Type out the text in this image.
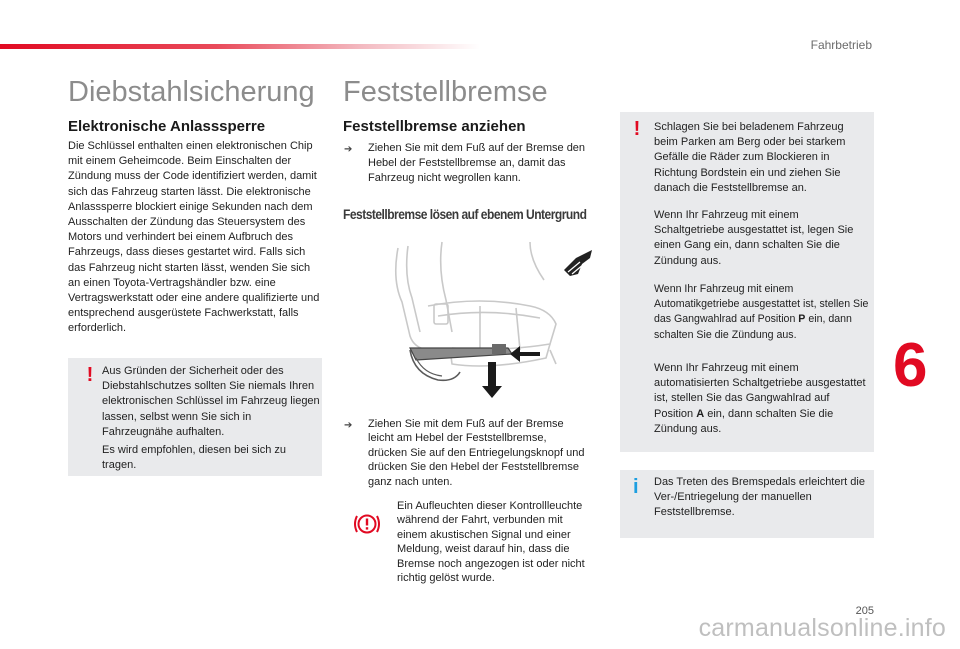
Fahrbetrieb
6
205
carmanualsonline.info
Diebstahlsicherung
Elektronische Anlasssperre
Die Schlüssel enthalten einen elektronischen Chip mit einem Geheimcode. Beim Einschalten der Zündung muss der Code identifiziert werden, damit sich das Fahrzeug starten lässt. Die elektronische Anlasssperre blockiert einige Sekunden nach dem Ausschalten der Zündung das Steuersystem des Motors und verhindert bei einem Aufbruch des Fahrzeugs, dass dieses gestartet wird. Falls sich das Fahrzeug nicht starten lässt, wenden Sie sich an einen Toyota-Vertragshändler bzw. eine Vertragswerkstatt oder eine andere qualifizierte und entsprechend ausgerüstete Fachwerkstatt, falls erforderlich.
! Aus Gründen der Sicherheit oder des Diebstahlschutzes sollten Sie niemals Ihren elektronischen Schlüssel im Fahrzeug liegen lassen, selbst wenn Sie sich in Fahrzeugnähe aufhalten.
Es wird empfohlen, diesen bei sich zu tragen.
Feststellbremse
Feststellbremse anziehen
➔ Ziehen Sie mit dem Fuß auf der Bremse den Hebel der Feststellbremse an, damit das Fahrzeug nicht wegrollen kann.
Feststellbremse lösen auf ebenem Untergrund
➔ Ziehen Sie mit dem Fuß auf der Bremse leicht am Hebel der Feststellbremse, drücken Sie auf den Entriegelungsknopf und drücken Sie den Hebel der Feststellbremse ganz nach unten.
Ein Aufleuchten dieser Kontrollleuchte während der Fahrt, verbunden mit einem akustischen Signal und einer Meldung, weist darauf hin, dass die Bremse noch angezogen ist oder nicht richtig gelöst wurde.
! Schlagen Sie bei beladenem Fahrzeug beim Parken am Berg oder bei starkem Gefälle die Räder zum Blockieren in Richtung Bordstein ein und ziehen Sie danach die Feststellbremse an.
Wenn Ihr Fahrzeug mit einem Schaltgetriebe ausgestattet ist, legen Sie einen Gang ein, dann schalten Sie die Zündung aus.
Wenn Ihr Fahrzeug mit einem Automatikgetriebe ausgestattet ist, stellen Sie das Gangwahlrad auf Position P ein, dann schalten Sie die Zündung aus.
Wenn Ihr Fahrzeug mit einem automatisierten Schaltgetriebe ausgestattet ist, stellen Sie das Gangwahlrad auf Position A ein, dann schalten Sie die Zündung aus.
i Das Treten des Bremspedals erleichtert die Ver-/Entriegelung der manuellen Feststellbremse.
